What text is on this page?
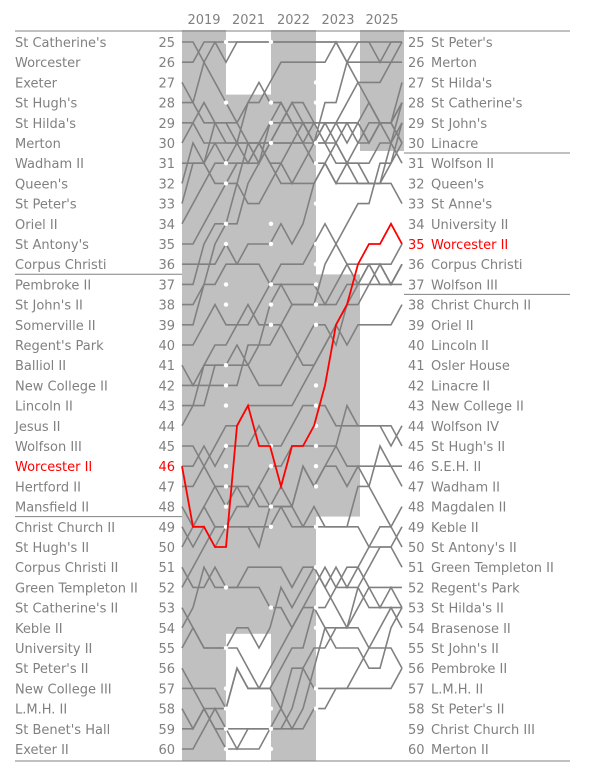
2019 2021 2022 2023 2025
St Catherine's	25
Worcester	26
Exeter	27
St Hugh's	28
St Hilda's	29
Merton	30
Wadham II	31
Queen's	32
St Peter's	33
Oriel II	34
St Antony's	35
Corpus Christi	36
Pembroke II	37
St John's II	38
Somerville II	39
Regent's Park	40
Balliol II	41
New College II	42
Lincoln II	43
Jesus II	44
Wolfson III	45
Worcester II	46
Hertford II	47
Mansfield II	48
Christ Church II	49
St Hugh's II	50
Corpus Christi II	51
Green Templeton II 52
St Catherine's II	53
Keble II	54
University II	55
St Peter's II	56
New College III	57
L.M.H. II	58
St Benet's Hall	59
Exeter II	60
25 St Peter's
26 Merton
27 St Hilda's
28 St Catherine's
29 St John's
30 Linacre
31 Wolfson II
32 Queen's
33 St Anne's
34 University II
35 Worcester II
36 Corpus Christi
37 Wolfson III
38 Christ Church II
39 Oriel II
40 Lincoln II
41 Osler House
42 Linacre II
43 New College II
44 Wolfson IV
45 St Hugh's II
46 S.E.H. II
47 Wadham II
48 Magdalen II
49 Keble II
50 St Antony's II
51 Green Templeton II
52 Regent's Park
53 St Hilda's II
54 Brasenose II
55 St John's II
56 Pembroke II
57 L.M.H. II
58 St Peter's II
59 Christ Church III
60 Merton II
